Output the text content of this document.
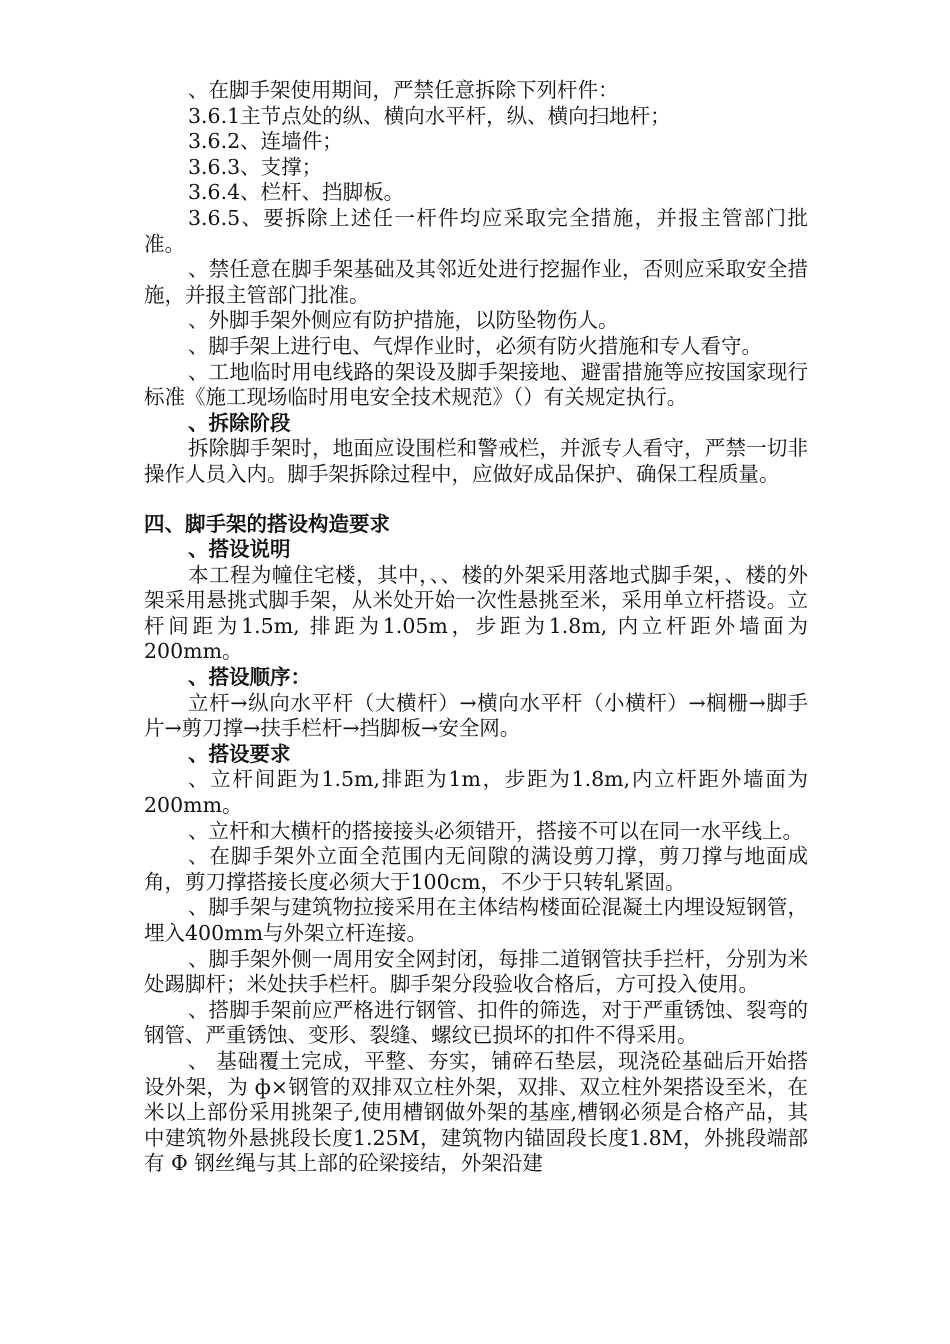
、在脚手架使用期间，严禁任意拆除下列杆件：

3.6.1主节点处的纵、横向水平杆，纵、横向扫地杆；

3.6.2、连墙件；

3.6.3、支撑；

3.6.4、栏杆、挡脚板。

3.6.5、要拆除上述任一杆件均应采取完全措施，并报主管部门批准。

、禁任意在脚手架基础及其邻近处进行挖掘作业，否则应采取安全措施，并报主管部门批准。

、外脚手架外侧应有防护措施，以防坠物伤人。

、脚手架上进行电、气焊作业时，必须有防火措施和专人看守。

、工地临时用电线路的架设及脚手架接地、避雷措施等应按国家现行标准《施工现场临时用电安全技术规范》（）有关规定执行。

、拆除阶段

拆除脚手架时，地面应设围栏和警戒栏，并派专人看守，严禁一切非操作人员入内。脚手架拆除过程中，应做好成品保护、确保工程质量。

四、脚手架的搭设构造要求

、搭设说明

本工程为幢住宅楼，其中，、、楼的外架采用落地式脚手架，、楼的外架采用悬挑式脚手架，从米处开始一次性悬挑至米，采用单立杆搭设。立杆间距为1.5m, 排距为1.05m，步距为1.8m, 内立杆距外墙面为200mm。

、搭设顺序：

立杆→纵向水平杆（大横杆）→横向水平杆（小横杆）→榈栅→脚手片→剪刀撑→扶手栏杆→挡脚板→安全网。

、搭设要求

、立杆间距为1.5m,排距为1m，步距为1.8m,内立杆距外墙面为200mm。

、立杆和大横杆的搭接接头必须错开，搭接不可以在同一水平线上。

、在脚手架外立面全范围内无间隙的满设剪刀撑，剪刀撑与地面成 角，剪刀撑搭接长度必须大于100cm，不少于只转轧紧固。

、脚手架与建筑物拉接采用在主体结构楼面砼混凝土内埋设短钢管，埋入400mm与外架立杆连接。

、脚手架外侧一周用安全网封闭，每排二道钢管扶手拦杆，分别为米处踢脚杆；米处扶手栏杆。脚手架分段验收合格后，方可投入使用。

、搭脚手架前应严格进行钢管、扣件的筛选，对于严重锈蚀、裂弯的钢管、严重锈蚀、变形、裂缝、螺纹已损坏的扣件不得采用。

、 基础覆土完成，平整、夯实，铺碎石垫层，现浇砼基础后开始搭设外架，为 ф×钢管的双排双立柱外架，双排、双立柱外架搭设至米，在米以上部份采用挑架子,使用槽钢做外架的基座,槽钢必须是合格产品，其中建筑物外悬挑段长度1.25M，建筑物内锚固段长度1.8M，外挑段端部有 Φ 钢丝绳与其上部的砼梁接结，外架沿建
